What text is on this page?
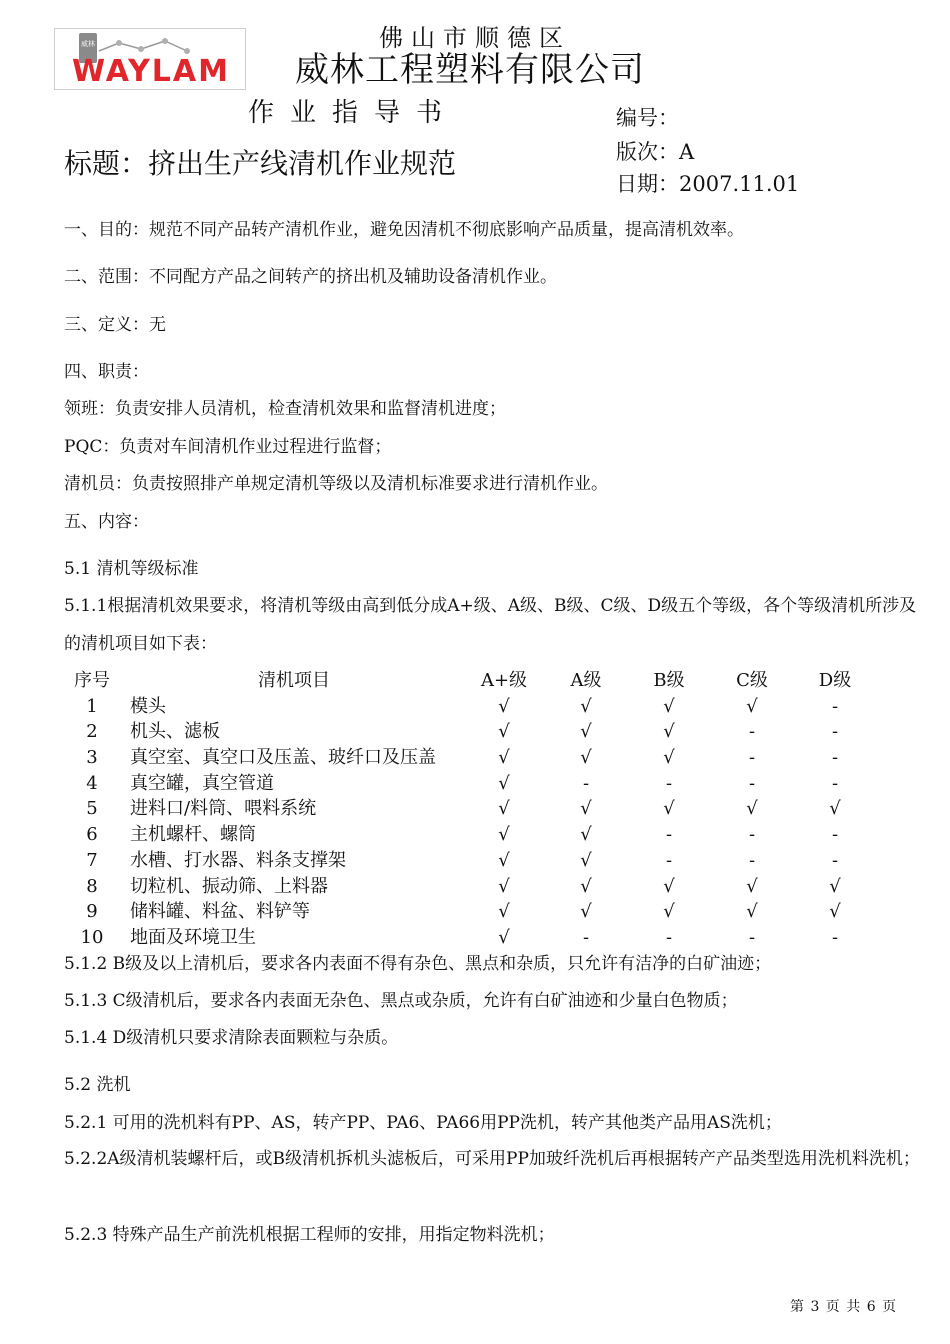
威林
WAYLAM
佛山市顺德区
威林工程塑料有限公司
作业指导书
标题：挤出生产线清机作业规范
编号：
版次：A
日期：2007.11.01
一、目的：规范不同产品转产清机作业，避免因清机不彻底影响产品质量，提高清机效率。
二、范围：不同配方产品之间转产的挤出机及辅助设备清机作业。
三、定义：无
四、职责：
领班：负责安排人员清机，检查清机效果和监督清机进度；
PQC：负责对车间清机作业过程进行监督；
清机员：负责按照排产单规定清机等级以及清机标准要求进行清机作业。
五、内容：
5.1 清机等级标准
5.1.1根据清机效果要求，将清机等级由高到低分成A+级、A级、B级、C级、D级五个等级，各个等级清机所涉及的清机项目如下表：
序号	清机项目	A+级	A级	B级	C级	D级
1	模头	√	√	√	√	-
2	机头、滤板	√	√	√	-	-
3	真空室、真空口及压盖、玻纤口及压盖	√	√	√	-	-
4	真空罐，真空管道	√	-	-	-	-
5	进料口/料筒、喂料系统	√	√	√	√	√
6	主机螺杆、螺筒	√	√	-	-	-
7	水槽、打水器、料条支撑架	√	√	-	-	-
8	切粒机、振动筛、上料器	√	√	√	√	√
9	储料罐、料盆、料铲等	√	√	√	√	√
10	地面及环境卫生	√	-	-	-	-
5.1.2 B级及以上清机后，要求各内表面不得有杂色、黑点和杂质，只允许有洁净的白矿油迹；
5.1.3 C级清机后，要求各内表面无杂色、黑点或杂质，允许有白矿油迹和少量白色物质；
5.1.4 D级清机只要求清除表面颗粒与杂质。
5.2 洗机
5.2.1 可用的洗机料有PP、AS，转产PP、PA6、PA66用PP洗机，转产其他类产品用AS洗机；
5.2.2A级清机装螺杆后，或B级清机拆机头滤板后，可采用PP加玻纤洗机后再根据转产产品类型选用洗机料洗机；
5.2.3 特殊产品生产前洗机根据工程师的安排，用指定物料洗机；
第 3 页 共 6 页
